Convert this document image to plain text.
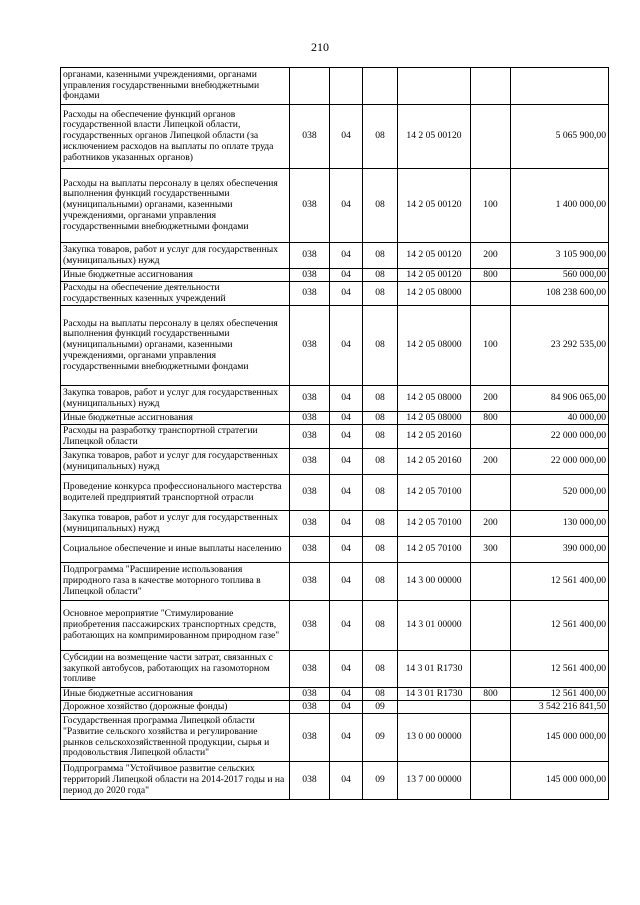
210
органами, казенными учреждениями, органами управления государственными внебюджетными фондами						
Расходы на обеспечение функций органов государственной власти Липецкой области, государственных органов Липецкой области (за исключением расходов на выплаты по оплате труда работников указанных органов)	038	04	08	14 2 05 00120		5 065 900,00
Расходы на выплаты персоналу в целях обеспечения выполнения функций государственными (муниципальными) органами, казенными учреждениями, органами управления государственными внебюджетными фондами	038	04	08	14 2 05 00120	100	1 400 000,00
Закупка товаров, работ и услуг для государственных (муниципальных) нужд	038	04	08	14 2 05 00120	200	3 105 900,00
Иные бюджетные ассигнования	038	04	08	14 2 05 00120	800	560 000,00
Расходы на обеспечение деятельности государственных казенных учреждений	038	04	08	14 2 05 08000		108 238 600,00
Расходы на выплаты персоналу в целях обеспечения выполнения функций государственными (муниципальными) органами, казенными учреждениями, органами управления государственными внебюджетными фондами	038	04	08	14 2 05 08000	100	23 292 535,00
Закупка товаров, работ и услуг для государственных (муниципальных) нужд	038	04	08	14 2 05 08000	200	84 906 065,00
Иные бюджетные ассигнования	038	04	08	14 2 05 08000	800	40 000,00
Расходы на разработку транспортной стратегии Липецкой области	038	04	08	14 2 05 20160		22 000 000,00
Закупка товаров, работ и услуг для государственных (муниципальных) нужд	038	04	08	14 2 05 20160	200	22 000 000,00
Проведение конкурса профессионального мастерства водителей предприятий транспортной отрасли	038	04	08	14 2 05 70100		520 000,00
Закупка товаров, работ и услуг для государственных (муниципальных) нужд	038	04	08	14 2 05 70100	200	130 000,00
Социальное обеспечение и иные выплаты населению	038	04	08	14 2 05 70100	300	390 000,00
Подпрограмма "Расширение использования природного газа в качестве моторного топлива в Липецкой области"	038	04	08	14 3 00 00000		12 561 400,00
Основное мероприятие "Стимулирование приобретения пассажирских транспортных средств, работающих на компримированном природном газе"	038	04	08	14 3 01 00000		12 561 400,00
Субсидии на возмещение части затрат, связанных с закупкой автобусов, работающих на газомоторном топливе	038	04	08	14 3 01 R1730		12 561 400,00
Иные бюджетные ассигнования	038	04	08	14 3 01 R1730	800	12 561 400,00
Дорожное хозяйство (дорожные фонды)	038	04	09			3 542 216 841,50
Государственная программа Липецкой области "Развитие сельского хозяйства и регулирование рынков сельскохозяйственной продукции, сырья и продовольствия Липецкой области"	038	04	09	13 0 00 00000		145 000 000,00
Подпрограмма "Устойчивое развитие сельских территорий Липецкой области на 2014-2017 годы и на период до 2020 года"	038	04	09	13 7 00 00000		145 000 000,00
